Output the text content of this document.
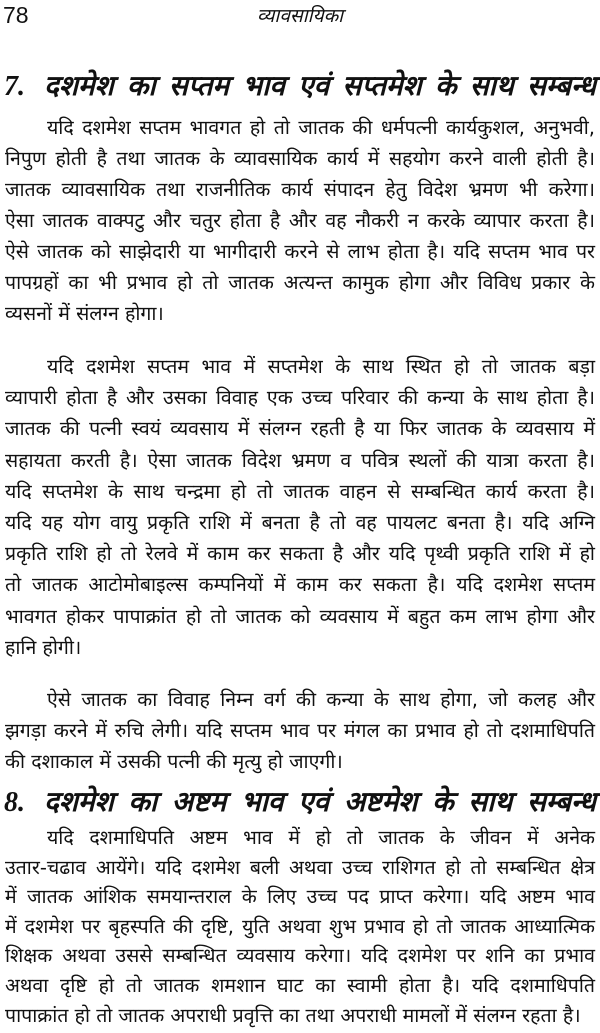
78	व्यावसायिका
7. दशमेश का सप्तम भाव एवं सप्तमेश के साथ सम्बन्ध
यदि दशमेश सप्तम भावगत हो तो जातक की धर्मपत्नी कार्यकुशल, अनुभवी,
निपुण होती है तथा जातक के व्यावसायिक कार्य में सहयोग करने वाली होती है।
जातक व्यावसायिक तथा राजनीतिक कार्य संपादन हेतु विदेश भ्रमण भी करेगा।
ऐसा जातक वाक्पटु और चतुर होता है और वह नौकरी न करके व्यापार करता है।
ऐसे जातक को साझेदारी या भागीदारी करने से लाभ होता है। यदि सप्तम भाव पर
पापग्रहों का भी प्रभाव हो तो जातक अत्यन्त कामुक होगा और विविध प्रकार के
व्यसनों में संलग्न होगा।
यदि दशमेश सप्तम भाव में सप्तमेश के साथ स्थित हो तो जातक बड़ा
व्यापारी होता है और उसका विवाह एक उच्च परिवार की कन्या के साथ होता है।
जातक की पत्नी स्वयं व्यवसाय में संलग्न रहती है या फिर जातक के व्यवसाय में
सहायता करती है। ऐसा जातक विदेश भ्रमण व पवित्र स्थलों की यात्रा करता है।
यदि सप्तमेश के साथ चन्द्रमा हो तो जातक वाहन से सम्बन्धित कार्य करता है।
यदि यह योग वायु प्रकृति राशि में बनता है तो वह पायलट बनता है। यदि अग्नि
प्रकृति राशि हो तो रेलवे में काम कर सकता है और यदि पृथ्वी प्रकृति राशि में हो
तो जातक आटोमोबाइल्स कम्पनियों में काम कर सकता है। यदि दशमेश सप्तम
भावगत होकर पापाक्रांत हो तो जातक को व्यवसाय में बहुत कम लाभ होगा और
हानि होगी।
ऐसे जातक का विवाह निम्न वर्ग की कन्या के साथ होगा, जो कलह और
झगड़ा करने में रुचि लेगी। यदि सप्तम भाव पर मंगल का प्रभाव हो तो दशमाधिपति
की दशाकाल में उसकी पत्नी की मृत्यु हो जाएगी।
8. दशमेश का अष्टम भाव एवं अष्टमेश के साथ सम्बन्ध
यदि दशमाधिपति अष्टम भाव में हो तो जातक के जीवन में अनेक
उतार-चढाव आयेंगे। यदि दशमेश बली अथवा उच्च राशिगत हो तो सम्बन्धित क्षेत्र
में जातक आंशिक समयान्तराल के लिए उच्च पद प्राप्त करेगा। यदि अष्टम भाव
में दशमेश पर बृहस्पति की दृष्टि, युति अथवा शुभ प्रभाव हो तो जातक आध्यात्मिक
शिक्षक अथवा उससे सम्बन्धित व्यवसाय करेगा। यदि दशमेश पर शनि का प्रभाव
अथवा दृष्टि हो तो जातक शमशान घाट का स्वामी होता है। यदि दशमाधिपति
पापाक्रांत हो तो जातक अपराधी प्रवृत्ति का तथा अपराधी मामलों में संलग्न रहता है।
